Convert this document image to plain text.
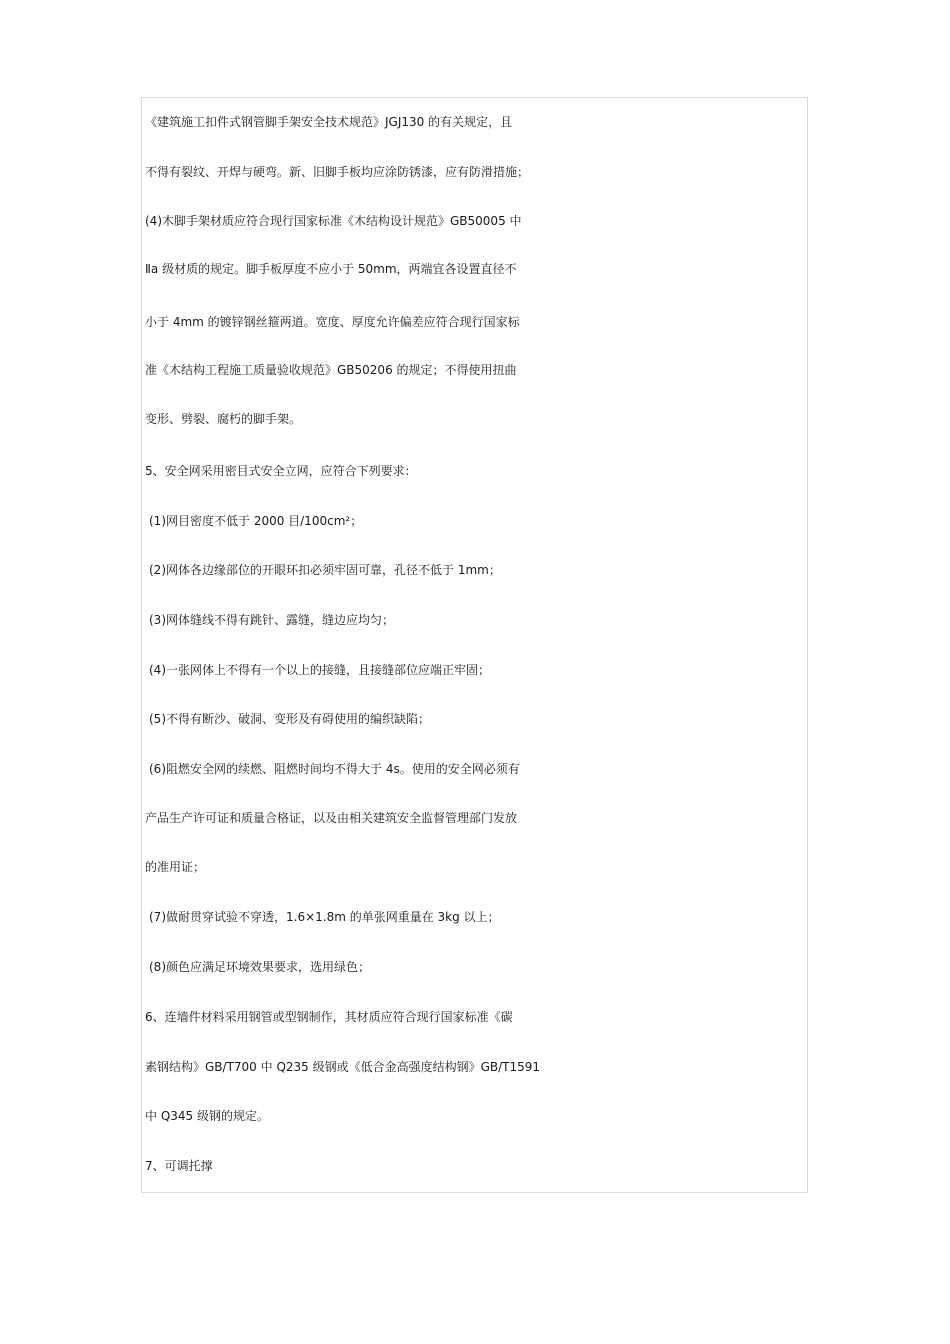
《建筑施工扣件式钢管脚手架安全技术规范》JGJ130 的有关规定，且
不得有裂纹、开焊与硬弯。新、旧脚手板均应涂防锈漆，应有防滑措施；
(4)木脚手架材质应符合现行国家标准《木结构设计规范》GB50005 中
Ⅱa 级材质的规定。脚手板厚度不应小于 50mm，两端宜各设置直径不
小于 4mm 的镀锌钢丝箍两道。宽度、厚度允许偏差应符合现行国家标
准《木结构工程施工质量验收规范》GB50206 的规定；不得使用扭曲
变形、劈裂、腐朽的脚手架。
5、安全网采用密目式安全立网，应符合下列要求：
(1)网目密度不低于 2000 目/100cm²；
(2)网体各边缘部位的开眼环扣必须牢固可靠，孔径不低于 1mm；
(3)网体缝线不得有跳针、露缝，缝边应均匀；
(4)一张网体上不得有一个以上的接缝，且接缝部位应端正牢固；
(5)不得有断沙、破洞、变形及有碍使用的编织缺陷；
(6)阻燃安全网的续燃、阻燃时间均不得大于 4s。使用的安全网必须有
产品生产许可证和质量合格证，以及由相关建筑安全监督管理部门发放
的准用证；
(7)做耐贯穿试验不穿透，1.6×1.8m 的单张网重量在 3kg 以上；
(8)颜色应满足环境效果要求，选用绿色；
6、连墙件材料采用钢管或型钢制作，其材质应符合现行国家标准《碳
素钢结构》GB/T700 中 Q235 级钢或《低合金高强度结构钢》GB/T1591
中 Q345 级钢的规定。
7、可调托撑
